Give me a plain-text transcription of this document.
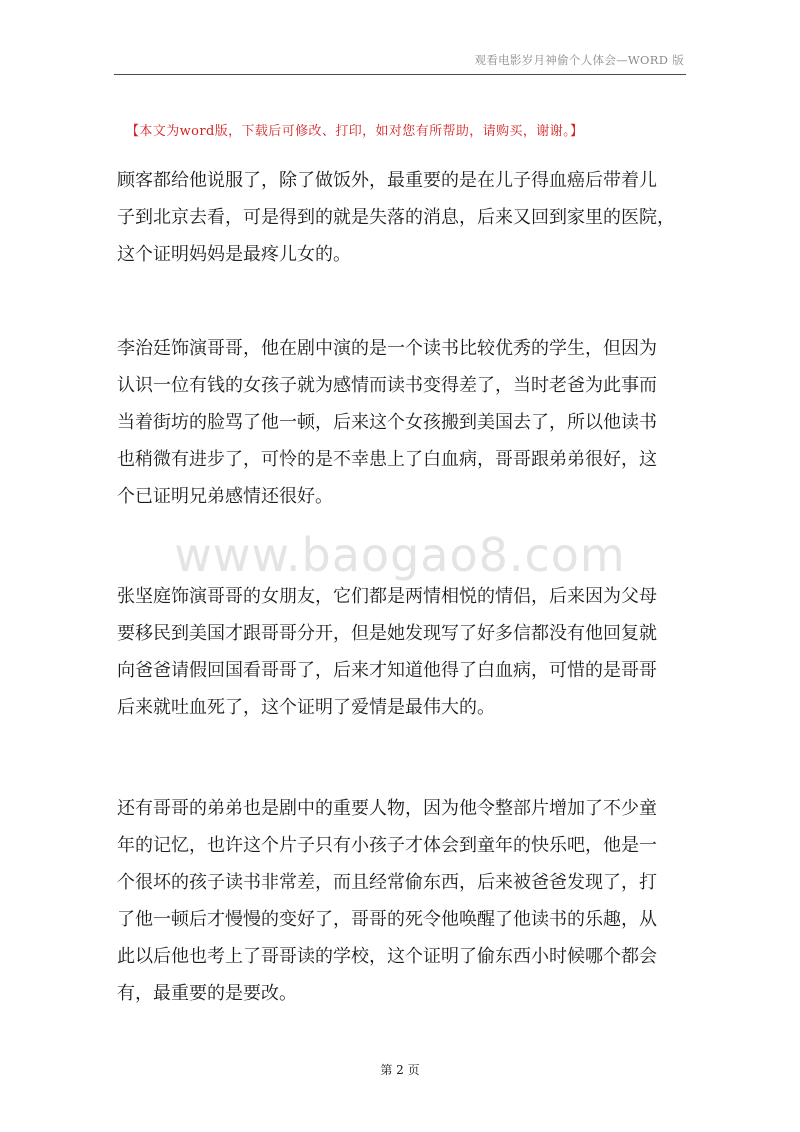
观看电影岁月神偷个人体会—WORD 版
【本文为word版，下载后可修改、打印，如对您有所帮助，请购买，谢谢。】
www.baogao8.com

顾客都给他说服了，除了做饭外，最重要的是在儿子得血癌后带着儿
子到北京去看，可是得到的就是失落的消息，后来又回到家里的医院，
这个证明妈妈是最疼儿女的。

李治廷饰演哥哥，他在剧中演的是一个读书比较优秀的学生，但因为
认识一位有钱的女孩子就为感情而读书变得差了，当时老爸为此事而
当着街坊的脸骂了他一顿，后来这个女孩搬到美国去了，所以他读书
也稍微有进步了，可怜的是不幸患上了白血病，哥哥跟弟弟很好，这
个已证明兄弟感情还很好。

张坚庭饰演哥哥的女朋友，它们都是两情相悦的情侣，后来因为父母
要移民到美国才跟哥哥分开，但是她发现写了好多信都没有他回复就
向爸爸请假回国看哥哥了，后来才知道他得了白血病，可惜的是哥哥
后来就吐血死了，这个证明了爱情是最伟大的。

还有哥哥的弟弟也是剧中的重要人物，因为他令整部片增加了不少童
年的记忆，也许这个片子只有小孩子才体会到童年的快乐吧，他是一
个很坏的孩子读书非常差，而且经常偷东西，后来被爸爸发现了，打
了他一顿后才慢慢的变好了，哥哥的死令他唤醒了他读书的乐趣，从
此以后他也考上了哥哥读的学校，这个证明了偷东西小时候哪个都会
有，最重要的是要改。

第 2 页
